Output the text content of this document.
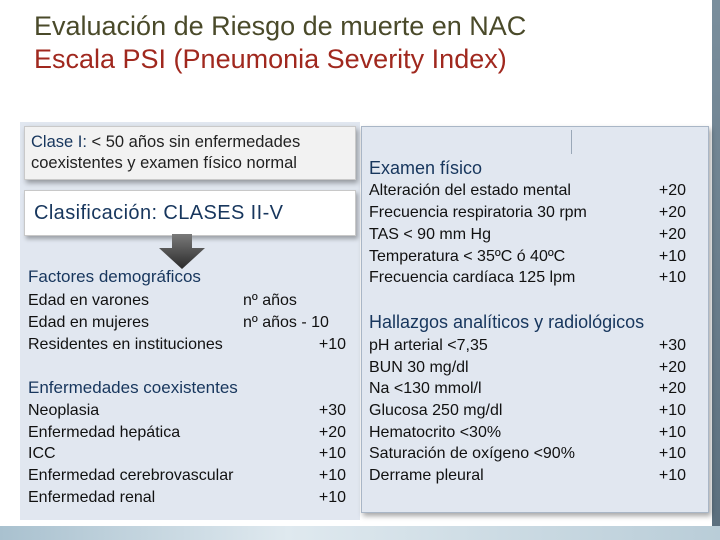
Evaluación de Riesgo de muerte en NAC
Escala PSI (Pneumonia Severity Index)
Clase I: < 50 años sin enfermedades coexistentes y examen físico normal
Clasificación: CLASES II-V
Factores demográficos
Edad en varones	nº años
Edad en mujeres	nº años - 10
Residentes en instituciones	+10
Enfermedades coexistentes
Neoplasia	+30
Enfermedad hepática	+20
ICC	+10
Enfermedad cerebrovascular	+10
Enfermedad renal	+10
Examen físico
Alteración del estado mental	+20
Frecuencia respiratoria 30 rpm	+20
TAS < 90 mm Hg	+20
Temperatura < 35ºC ó 40ºC	+10
Frecuencia cardíaca 125 lpm	+10
Hallazgos analíticos y radiológicos
pH arterial <7,35	+30
BUN 30 mg/dl	+20
Na <130 mmol/l	+20
Glucosa 250 mg/dl	+10
Hematocrito <30%	+10
Saturación de oxígeno <90%	+10
Derrame pleural	+10
